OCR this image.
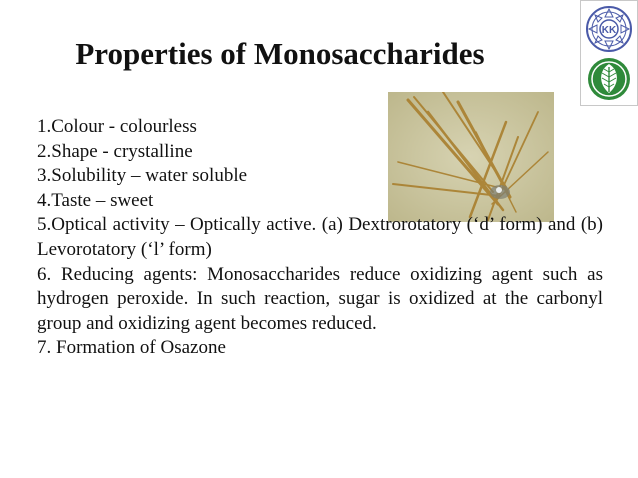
Properties of Monosaccharides
KK
1.Colour - colourless
2.Shape - crystalline
3.Solubility – water soluble
4.Taste – sweet
5.Optical activity – Optically active. (a) Dextrorotatory (‘d’ form) and (b) Levorotatory (‘l’ form)
6. Reducing agents: Monosaccharides reduce oxidizing agent such as hydrogen peroxide. In such reaction, sugar is oxidized at the carbonyl group and oxidizing agent becomes reduced.
7. Formation of Osazone
